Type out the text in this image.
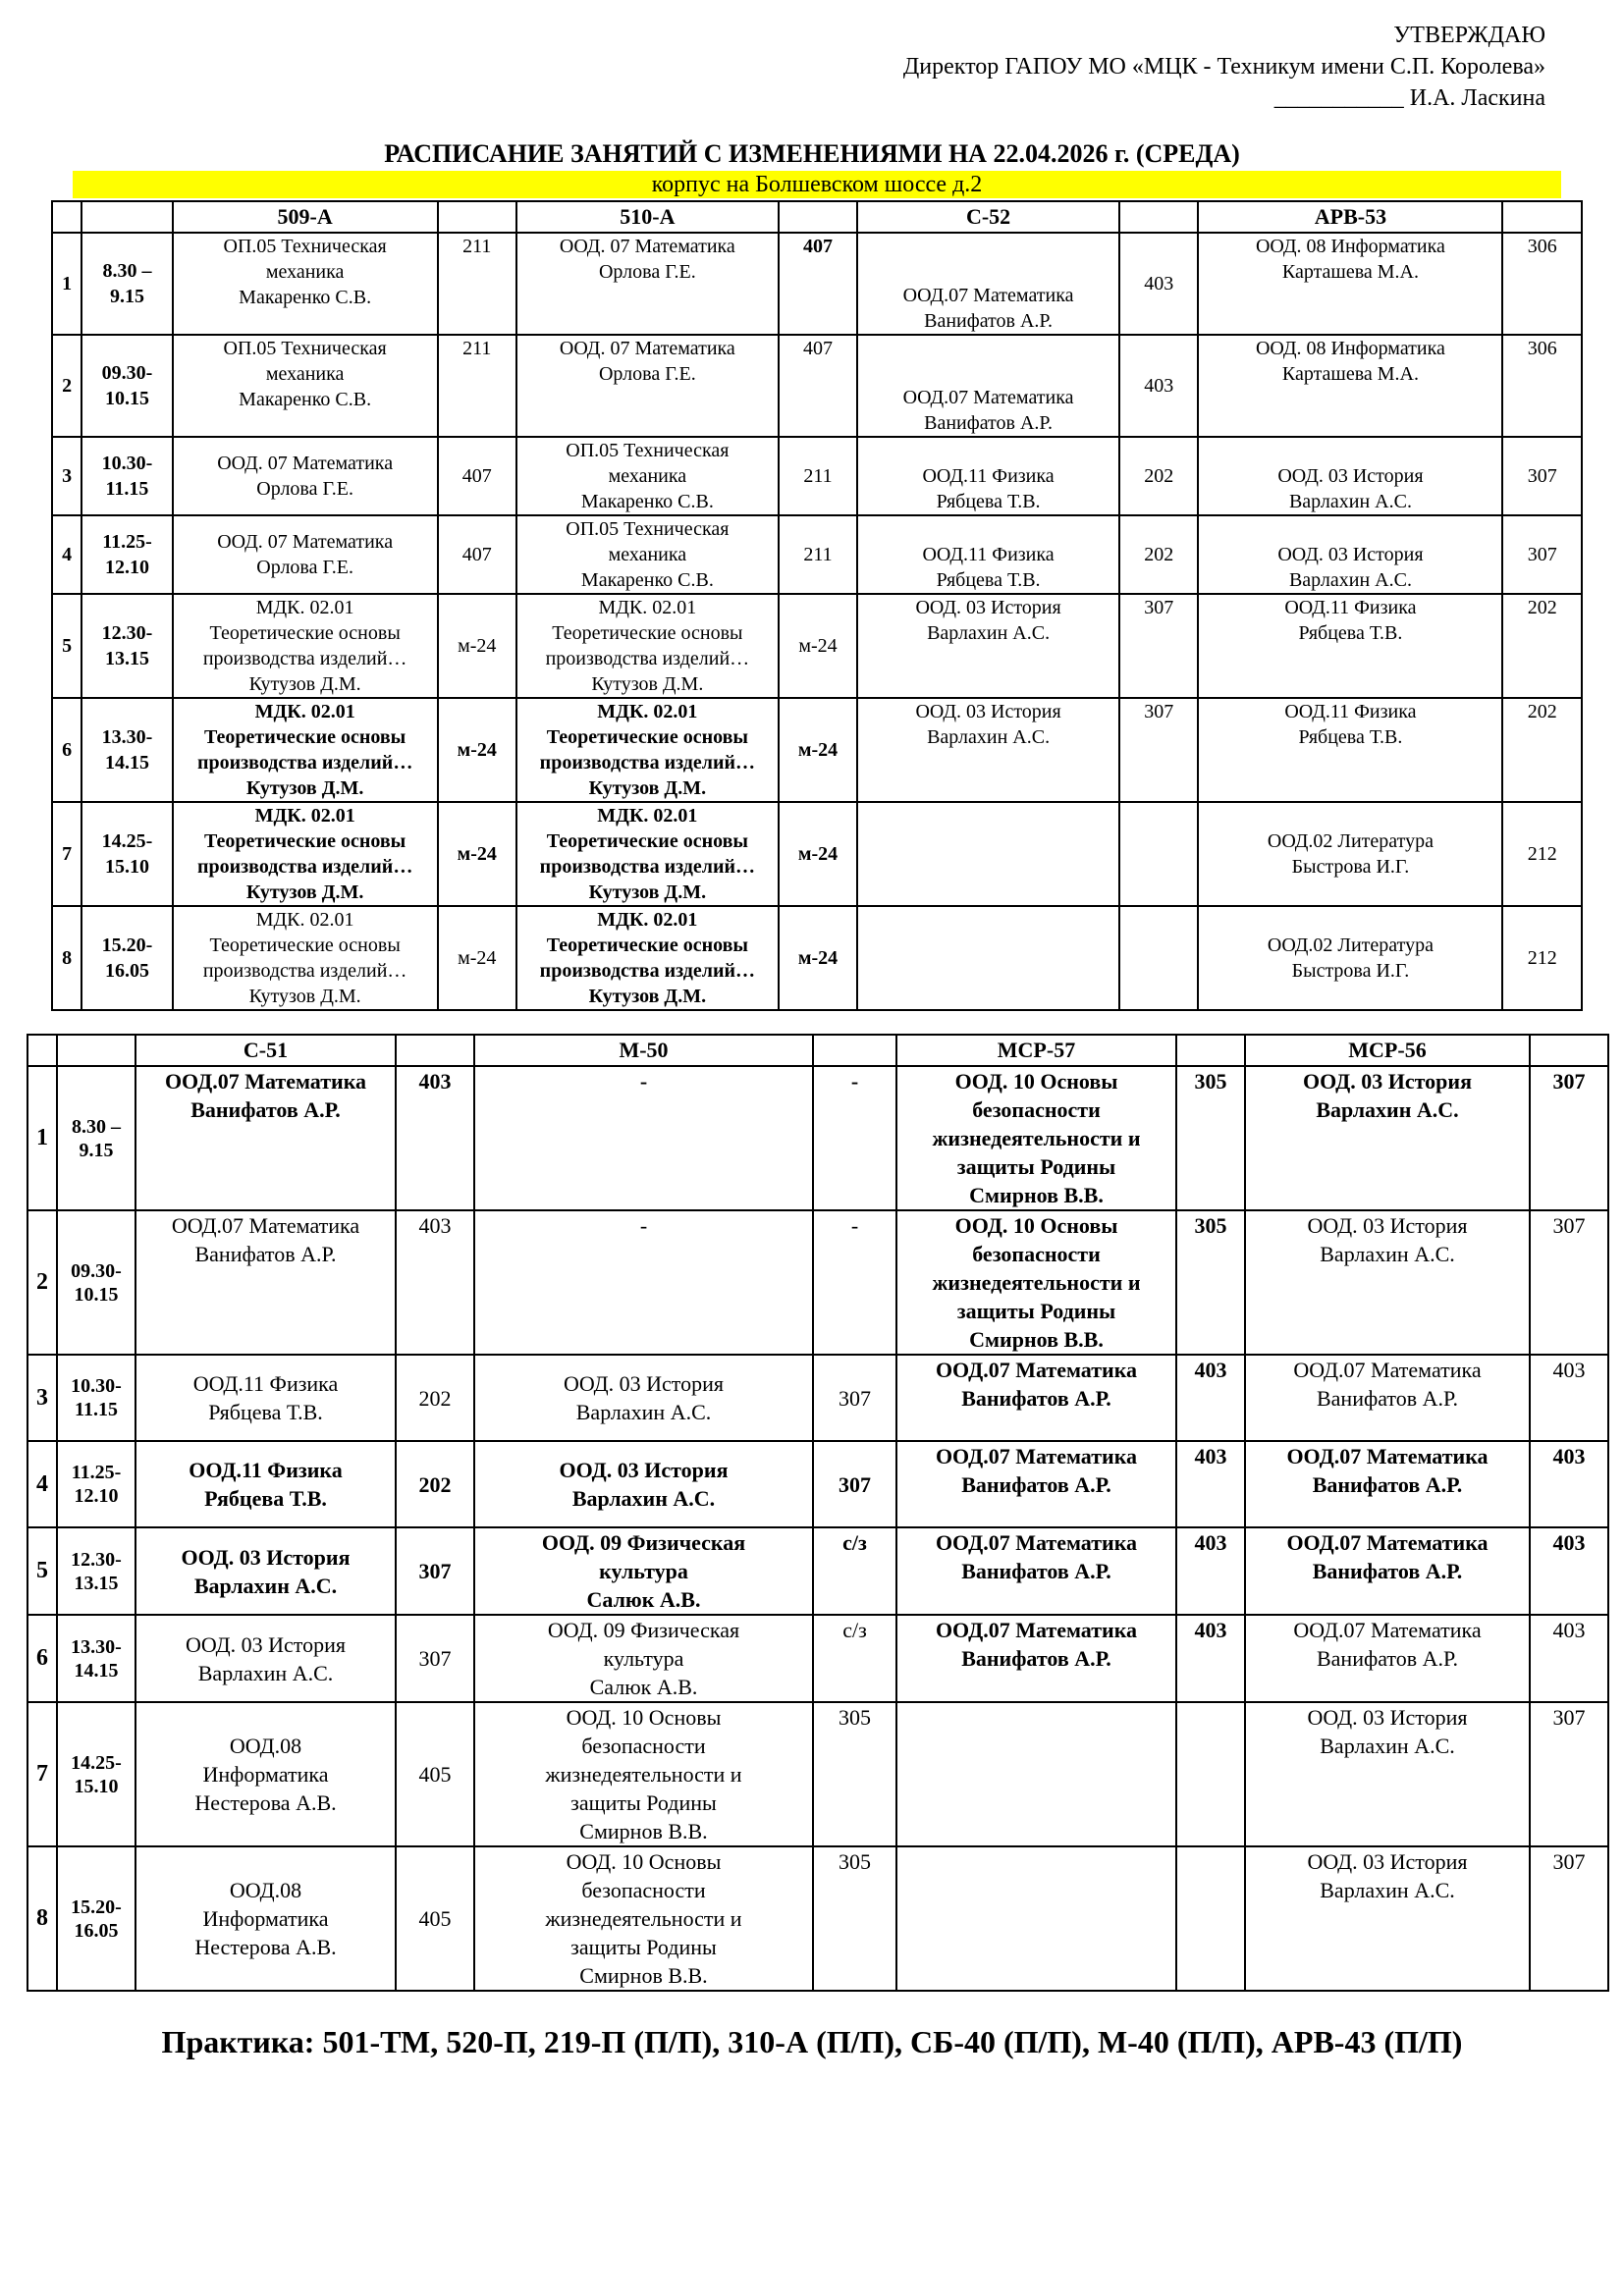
УТВЕРЖДАЮ
Директор ГАПОУ МО «МЦК - Техникум имени С.П. Королева»
___________ И.А. Ласкина
РАСПИСАНИЕ ЗАНЯТИЙ С ИЗМЕНЕНИЯМИ НА 22.04.2026 г. (СРЕДА)
корпус на Болшевском шоссе д.2
		509-А		510-А		С-52		АРВ-53	
1	8.30 – 9.15	ОП.05 Техническая
механика
Макаренко С.В.	211	ООД. 07 Математика
Орлова Г.Е.	407	ООД.07 Математика
Ванифатов А.Р.	403	ООД. 08 Информатика
Карташева М.А.	306
2	09.30- 10.15	ОП.05 Техническая
механика
Макаренко С.В.	211	ООД. 07 Математика
Орлова Г.Е.	407	ООД.07 Математика
Ванифатов А.Р.	403	ООД. 08 Информатика
Карташева М.А.	306
3	10.30- 11.15	ООД. 07 Математика
Орлова Г.Е.	407	ОП.05 Техническая
механика
Макаренко С.В.	211	ООД.11 Физика
Рябцева Т.В.	202	ООД. 03 История
Варлахин А.С.	307
4	11.25- 12.10	ООД. 07 Математика
Орлова Г.Е.	407	ОП.05 Техническая
механика
Макаренко С.В.	211	ООД.11 Физика
Рябцева Т.В.	202	ООД. 03 История
Варлахин А.С.	307
5	12.30- 13.15	МДК. 02.01
Теоретические основы
производства изделий…
Кутузов Д.М.	м-24	МДК. 02.01
Теоретические основы
производства изделий…
Кутузов Д.М.	м-24	ООД. 03 История
Варлахин А.С.	307	ООД.11 Физика
Рябцева Т.В.	202
6	13.30- 14.15	МДК. 02.01
Теоретические основы
производства изделий…
Кутузов Д.М.	м-24	МДК. 02.01
Теоретические основы
производства изделий…
Кутузов Д.М.	м-24	ООД. 03 История
Варлахин А.С.	307	ООД.11 Физика
Рябцева Т.В.	202
7	14.25- 15.10	МДК. 02.01
Теоретические основы
производства изделий…
Кутузов Д.М.	м-24	МДК. 02.01
Теоретические основы
производства изделий…
Кутузов Д.М.	м-24			ООД.02 Литература
Быстрова И.Г.	212
8	15.20- 16.05	МДК. 02.01
Теоретические основы
производства изделий…
Кутузов Д.М.	м-24	МДК. 02.01
Теоретические основы
производства изделий…
Кутузов Д.М.	м-24			ООД.02 Литература
Быстрова И.Г.	212
		С-51		М-50		МСР-57		МСР-56	
1	8.30 – 9.15	ООД.07 Математика
Ванифатов А.Р.	403	-	-	ООД. 10 Основы
безопасности
жизнедеятельности и
защиты Родины
Смирнов В.В.	305	ООД. 03 История
Варлахин А.С.	307
2	09.30- 10.15	ООД.07 Математика
Ванифатов А.Р.	403	-	-	ООД. 10 Основы
безопасности
жизнедеятельности и
защиты Родины
Смирнов В.В.	305	ООД. 03 История
Варлахин А.С.	307
3	10.30- 11.15	ООД.11 Физика
Рябцева Т.В.	202	ООД. 03 История
Варлахин А.С.	307	ООД.07 Математика
Ванифатов А.Р.	403	ООД.07 Математика
Ванифатов А.Р.	403
4	11.25- 12.10	ООД.11 Физика
Рябцева Т.В.	202	ООД. 03 История
Варлахин А.С.	307	ООД.07 Математика
Ванифатов А.Р.	403	ООД.07 Математика
Ванифатов А.Р.	403
5	12.30- 13.15	ООД. 03 История
Варлахин А.С.	307	ООД. 09 Физическая
культура
Салюк А.В.	с/з	ООД.07 Математика
Ванифатов А.Р.	403	ООД.07 Математика
Ванифатов А.Р.	403
6	13.30- 14.15	ООД. 03 История
Варлахин А.С.	307	ООД. 09 Физическая
культура
Салюк А.В.	с/з	ООД.07 Математика
Ванифатов А.Р.	403	ООД.07 Математика
Ванифатов А.Р.	403
7	14.25- 15.10	ООД.08
Информатика
Нестерова А.В.	405	ООД. 10 Основы
безопасности
жизнедеятельности и
защиты Родины
Смирнов В.В.	305			ООД. 03 История
Варлахин А.С.	307
8	15.20- 16.05	ООД.08
Информатика
Нестерова А.В.	405	ООД. 10 Основы
безопасности
жизнедеятельности и
защиты Родины
Смирнов В.В.	305			ООД. 03 История
Варлахин А.С.	307
Практика: 501-ТМ, 520-П, 219-П (П/П), 310-А (П/П), СБ-40 (П/П), М-40 (П/П), АРВ-43 (П/П)
